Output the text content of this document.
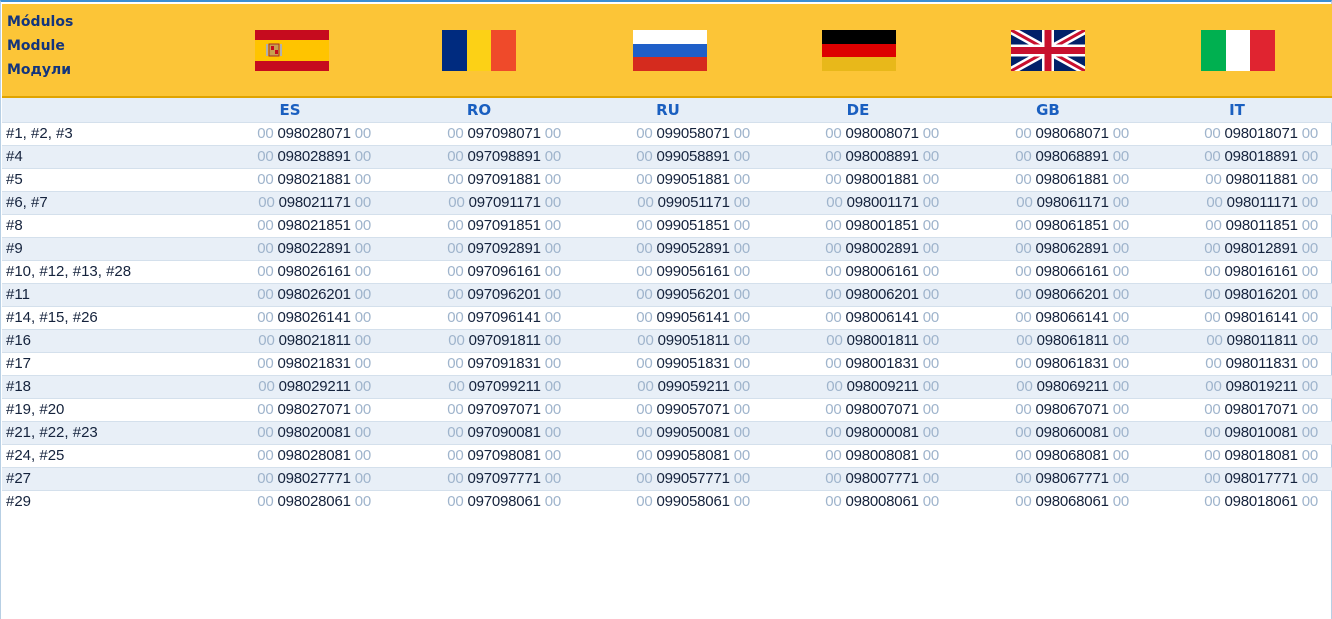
Módulos
Module
Модули
ES	RO	RU	DE	GB	IT
#1, #2, #3	00 098028071 00	00 097098071 00	00 099058071 00	00 098008071 00	00 098068071 00	00 098018071 00
#4	00 098028891 00	00 097098891 00	00 099058891 00	00 098008891 00	00 098068891 00	00 098018891 00
#5	00 098021881 00	00 097091881 00	00 099051881 00	00 098001881 00	00 098061881 00	00 098011881 00
#6, #7	00 098021171 00	00 097091171 00	00 099051171 00	00 098001171 00	00 098061171 00	00 098011171 00
#8	00 098021851 00	00 097091851 00	00 099051851 00	00 098001851 00	00 098061851 00	00 098011851 00
#9	00 098022891 00	00 097092891 00	00 099052891 00	00 098002891 00	00 098062891 00	00 098012891 00
#10, #12, #13, #28	00 098026161 00	00 097096161 00	00 099056161 00	00 098006161 00	00 098066161 00	00 098016161 00
#11	00 098026201 00	00 097096201 00	00 099056201 00	00 098006201 00	00 098066201 00	00 098016201 00
#14, #15, #26	00 098026141 00	00 097096141 00	00 099056141 00	00 098006141 00	00 098066141 00	00 098016141 00
#16	00 098021811 00	00 097091811 00	00 099051811 00	00 098001811 00	00 098061811 00	00 098011811 00
#17	00 098021831 00	00 097091831 00	00 099051831 00	00 098001831 00	00 098061831 00	00 098011831 00
#18	00 098029211 00	00 097099211 00	00 099059211 00	00 098009211 00	00 098069211 00	00 098019211 00
#19, #20	00 098027071 00	00 097097071 00	00 099057071 00	00 098007071 00	00 098067071 00	00 098017071 00
#21, #22, #23	00 098020081 00	00 097090081 00	00 099050081 00	00 098000081 00	00 098060081 00	00 098010081 00
#24, #25	00 098028081 00	00 097098081 00	00 099058081 00	00 098008081 00	00 098068081 00	00 098018081 00
#27	00 098027771 00	00 097097771 00	00 099057771 00	00 098007771 00	00 098067771 00	00 098017771 00
#29	00 098028061 00	00 097098061 00	00 099058061 00	00 098008061 00	00 098068061 00	00 098018061 00
